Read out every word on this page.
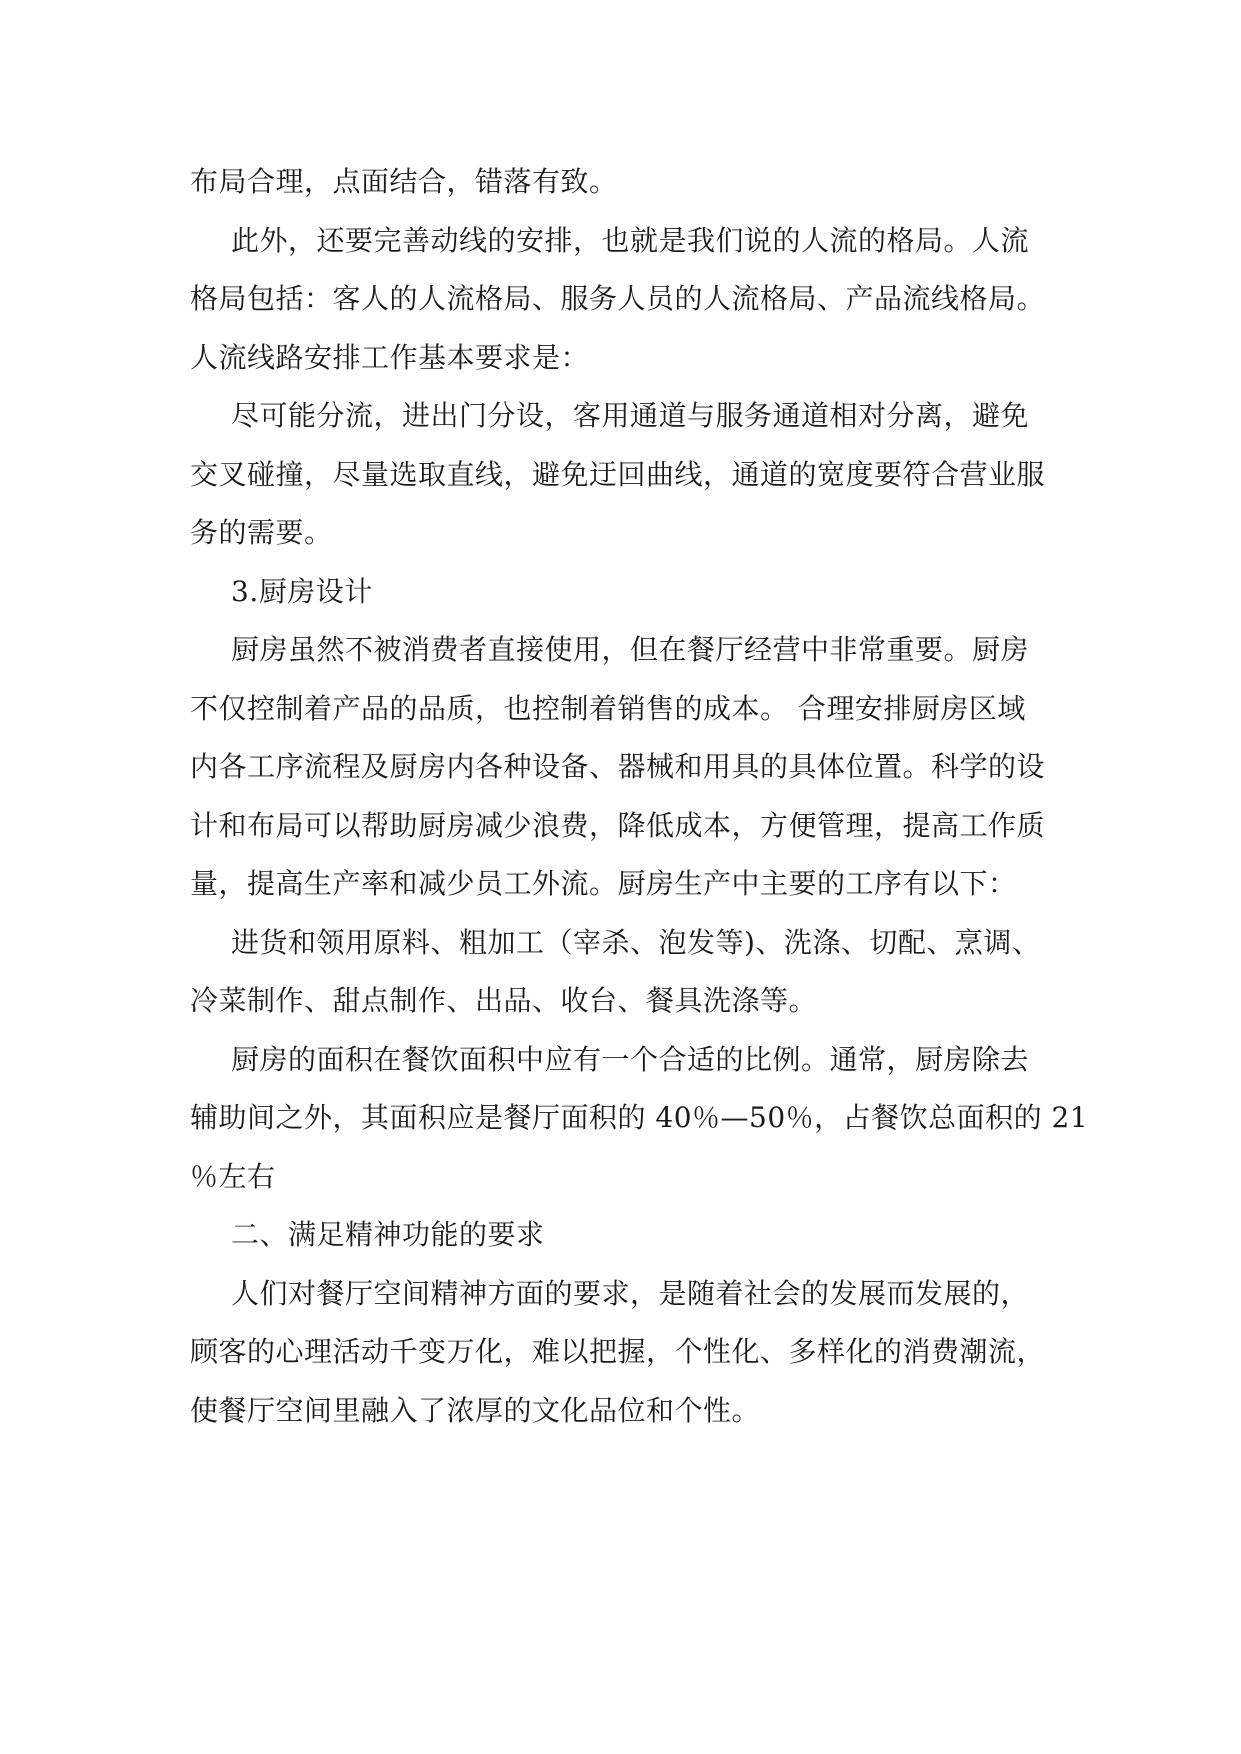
布局合理，点面结合，错落有致。

此外，还要完善动线的安排，也就是我们说的人流的格局。人流
格局包括：客人的人流格局、服务人员的人流格局、产品流线格局。
人流线路安排工作基本要求是：

尽可能分流，进出门分设，客用通道与服务通道相对分离，避免
交叉碰撞，尽量选取直线，避免迂回曲线，通道的宽度要符合营业服
务的需要。

3.厨房设计

厨房虽然不被消费者直接使用，但在餐厅经营中非常重要。厨房
不仅控制着产品的品质，也控制着销售的成本。 合理安排厨房区域
内各工序流程及厨房内各种设备、器械和用具的具体位置。科学的设
计和布局可以帮助厨房减少浪费，降低成本，方便管理，提高工作质
量，提高生产率和减少员工外流。厨房生产中主要的工序有以下：

进货和领用原料、粗加工（宰杀、泡发等)、洗涤、切配、烹调、
冷菜制作、甜点制作、出品、收台、餐具洗涤等。

厨房的面积在餐饮面积中应有一个合适的比例。通常，厨房除去
辅助间之外，其面积应是餐厅面积的 40％—50％，占餐饮总面积的 21
％左右

二、满足精神功能的要求

人们对餐厅空间精神方面的要求，是随着社会的发展而发展的，
顾客的心理活动千变万化，难以把握，个性化、多样化的消费潮流，
使餐厅空间里融入了浓厚的文化品位和个性。
